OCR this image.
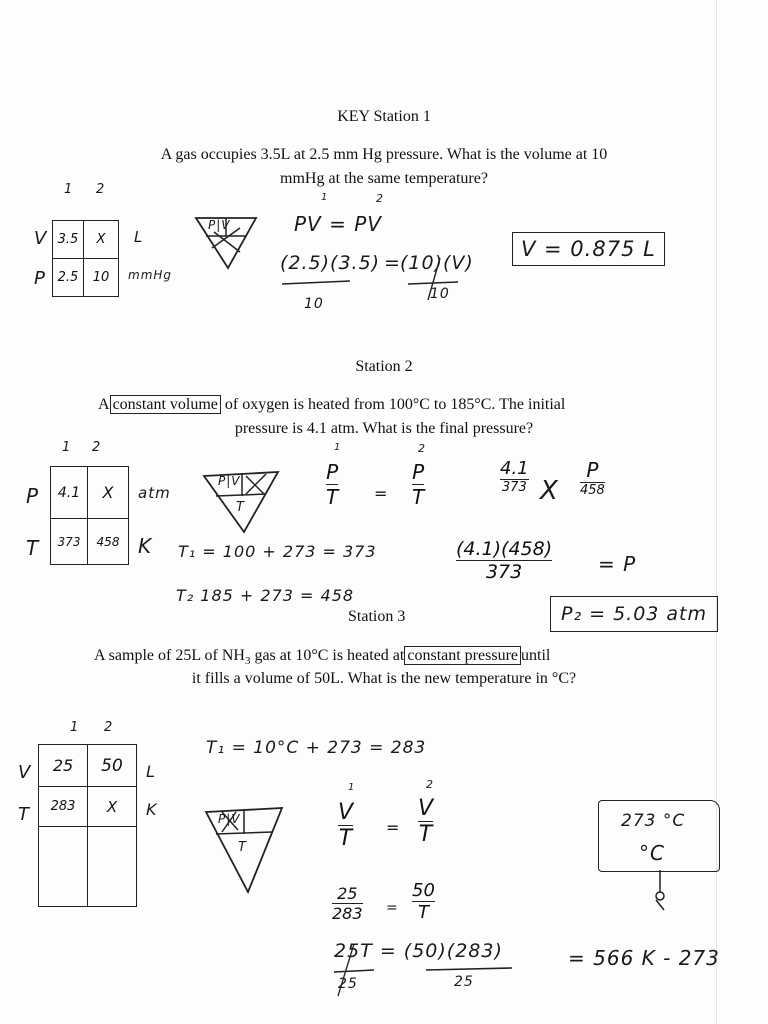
KEY Station 1
A gas occupies 3.5L at 2.5 mm Hg pressure. What is the volume at 10
mmHg at the same temperature?
1 2
V
P
3.5	X
2.5	10
L
mmHg
P|V
1	2
PV = PV
(2.5)(3.5) = (10)(V)
10
10
V = 0.875 L
Station 2
A constant volume of oxygen is heated from 100°C to 185°C. The initial
pressure is 4.1 atm. What is the final pressure?
1 2
P
T
4.1	X
373	458
atm
K
P|V
T
1	2
P
T =
P
T
T₁ = 100 + 273 = 373
T₂ 185 + 273 = 458
4.1
373 X
P
458
(4.1)(458)
373	= P
P₂ = 5.03 atm
Station 3
A sample of 25L of $NH_3$ gas at 10°C is heated at constant pressure until
it fills a volume of 50L. What is the new temperature in °C?
1 2
V
T
25	50
283	X

L
K	P|V
T
T₁ = 10°C + 273 = 283
1	2
V
T =
V
T
25
283 =
50
T
25T = (50)(283)
25	25
= 566 K - 273
273 °C
°C
